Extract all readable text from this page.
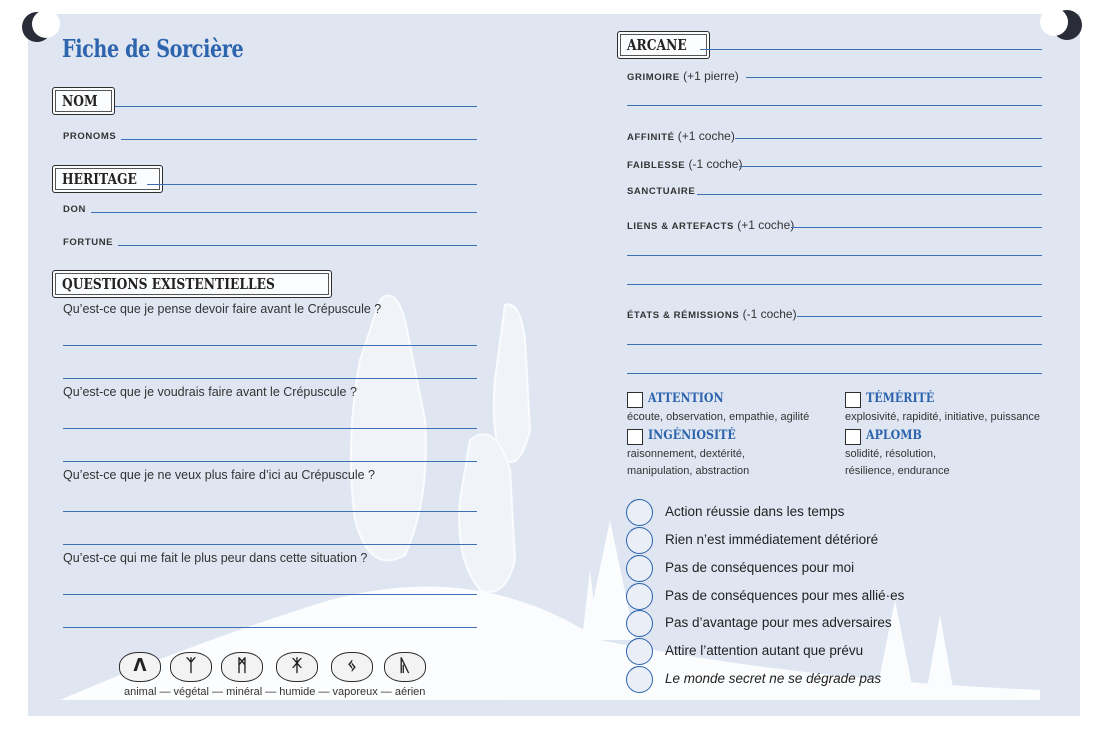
Fiche de Sorcière
NOM
PRONOMS
HERITAGE
DON
FORTUNE
QUESTIONS EXISTENTIELLES
Qu’est-ce que je pense devoir faire avant le Crépuscule ?
Qu’est-ce que je voudrais faire avant le Crépuscule ?
Qu’est-ce que je ne veux plus faire d’ici au Crépuscule ?
Qu’est-ce qui me fait le plus peur dans cette situation ?
ᐱ	ᛉ	ᛗ	ᛡ	ᛃ	ᚣ
animal — végétal — minéral — humide — vaporeux — aérien
ARCANE
GRIMOIRE (+1 pierre)
AFFINITÉ (+1 coche)
FAIBLESSE (-1 coche)
SANCTUAIRE
LIENS & ARTEFACTS (+1 coche)
ÉTATS & RÉMISSIONS (-1 coche)
ATTENTION
écoute, observation, empathie, agilité
TÉMÉRITÉ
explosivité, rapidité, initiative, puissance
INGÉNIOSITÉ
raisonnement, dextérité,
manipulation, abstraction
APLOMB
solidité, résolution,
résilience, endurance
Action réussie dans les temps
Rien n’est immédiatement détérioré
Pas de conséquences pour moi
Pas de conséquences pour mes allié·es
Pas d’avantage pour mes adversaires
Attire l’attention autant que prévu
Le monde secret ne se dégrade pas
